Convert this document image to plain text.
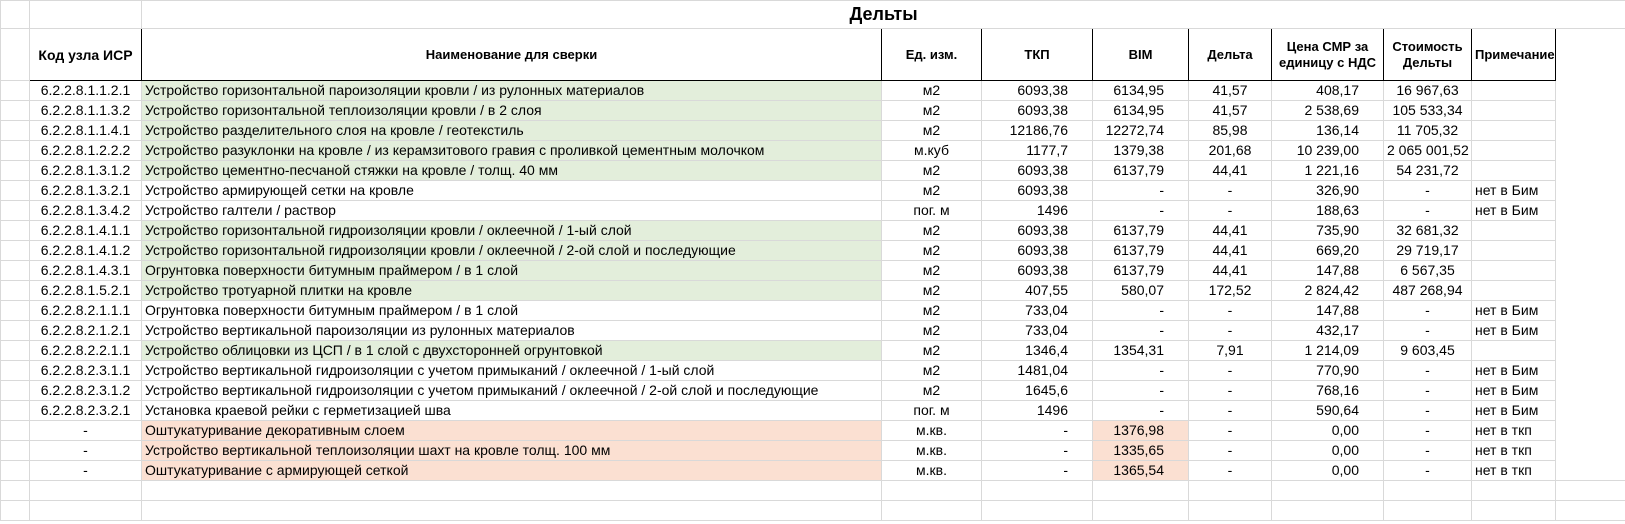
		Дельты								
	Код узла ИСР	Наименование для сверки	Ед. изм.	ТКП	BIM	Дельта	Цена СМР за единицу с НДС	Стоимость Дельты	Примечание	
	6.2.2.8.1.1.2.1	Устройство горизонтальной пароизоляции кровли / из рулонных материалов	м2	6093,38	6134,95	41,57	408,17	16 967,63		
	6.2.2.8.1.1.3.2	Устройство горизонтальной теплоизоляции кровли / в 2 слоя	м2	6093,38	6134,95	41,57	2 538,69	105 533,34		
	6.2.2.8.1.1.4.1	Устройство разделительного слоя на кровле / геотекстиль	м2	12186,76	12272,74	85,98	136,14	11 705,32		
	6.2.2.8.1.2.2.2	Устройство разуклонки на кровле / из керамзитового гравия с проливкой цементным молочком	м.куб	1177,7	1379,38	201,68	10 239,00	2 065 001,52		
	6.2.2.8.1.3.1.2	Устройство цементно-песчаной стяжки на кровле / толщ. 40 мм	м2	6093,38	6137,79	44,41	1 221,16	54 231,72		
	6.2.2.8.1.3.2.1	Устройство армирующей сетки на кровле	м2	6093,38	-	-	326,90	-	нет в Бим	
	6.2.2.8.1.3.4.2	Устройство галтели / раствор	пог. м	1496	-	-	188,63	-	нет в Бим	
	6.2.2.8.1.4.1.1	Устройство горизонтальной гидроизоляции кровли / оклеечной / 1-ый слой	м2	6093,38	6137,79	44,41	735,90	32 681,32		
	6.2.2.8.1.4.1.2	Устройство горизонтальной гидроизоляции кровли / оклеечной / 2-ой слой и последующие	м2	6093,38	6137,79	44,41	669,20	29 719,17		
	6.2.2.8.1.4.3.1	Огрунтовка поверхности битумным праймером / в 1 слой	м2	6093,38	6137,79	44,41	147,88	6 567,35		
	6.2.2.8.1.5.2.1	Устройство тротуарной плитки на кровле	м2	407,55	580,07	172,52	2 824,42	487 268,94		
	6.2.2.8.2.1.1.1	Огрунтовка поверхности битумным праймером / в 1 слой	м2	733,04	-	-	147,88	-	нет в Бим	
	6.2.2.8.2.1.2.1	Устройство вертикальной пароизоляции из рулонных материалов	м2	733,04	-	-	432,17	-	нет в Бим	
	6.2.2.8.2.2.1.1	Устройство облицовки из ЦСП / в 1 слой с двухсторонней огрунтовкой	м2	1346,4	1354,31	7,91	1 214,09	9 603,45		
	6.2.2.8.2.3.1.1	Устройство вертикальной гидроизоляции с учетом примыканий / оклеечной / 1-ый слой	м2	1481,04	-	-	770,90	-	нет в Бим	
	6.2.2.8.2.3.1.2	Устройство вертикальной гидроизоляции с учетом примыканий / оклеечной / 2-ой слой и последующие	м2	1645,6	-	-	768,16	-	нет в Бим	
	6.2.2.8.2.3.2.1	Установка краевой рейки с герметизацией шва	пог. м	1496	-	-	590,64	-	нет в Бим	
	-	Оштукатуривание декоративным слоем	м.кв.	-	1376,98	-	0,00	-	нет в ткп	
	-	Устройство вертикальной теплоизоляции шахт на кровле толщ. 100 мм	м.кв.	-	1335,65	-	0,00	-	нет в ткп	
	-	Оштукатуривание с армирующей сеткой	м.кв.	-	1365,54	-	0,00	-	нет в ткп	
